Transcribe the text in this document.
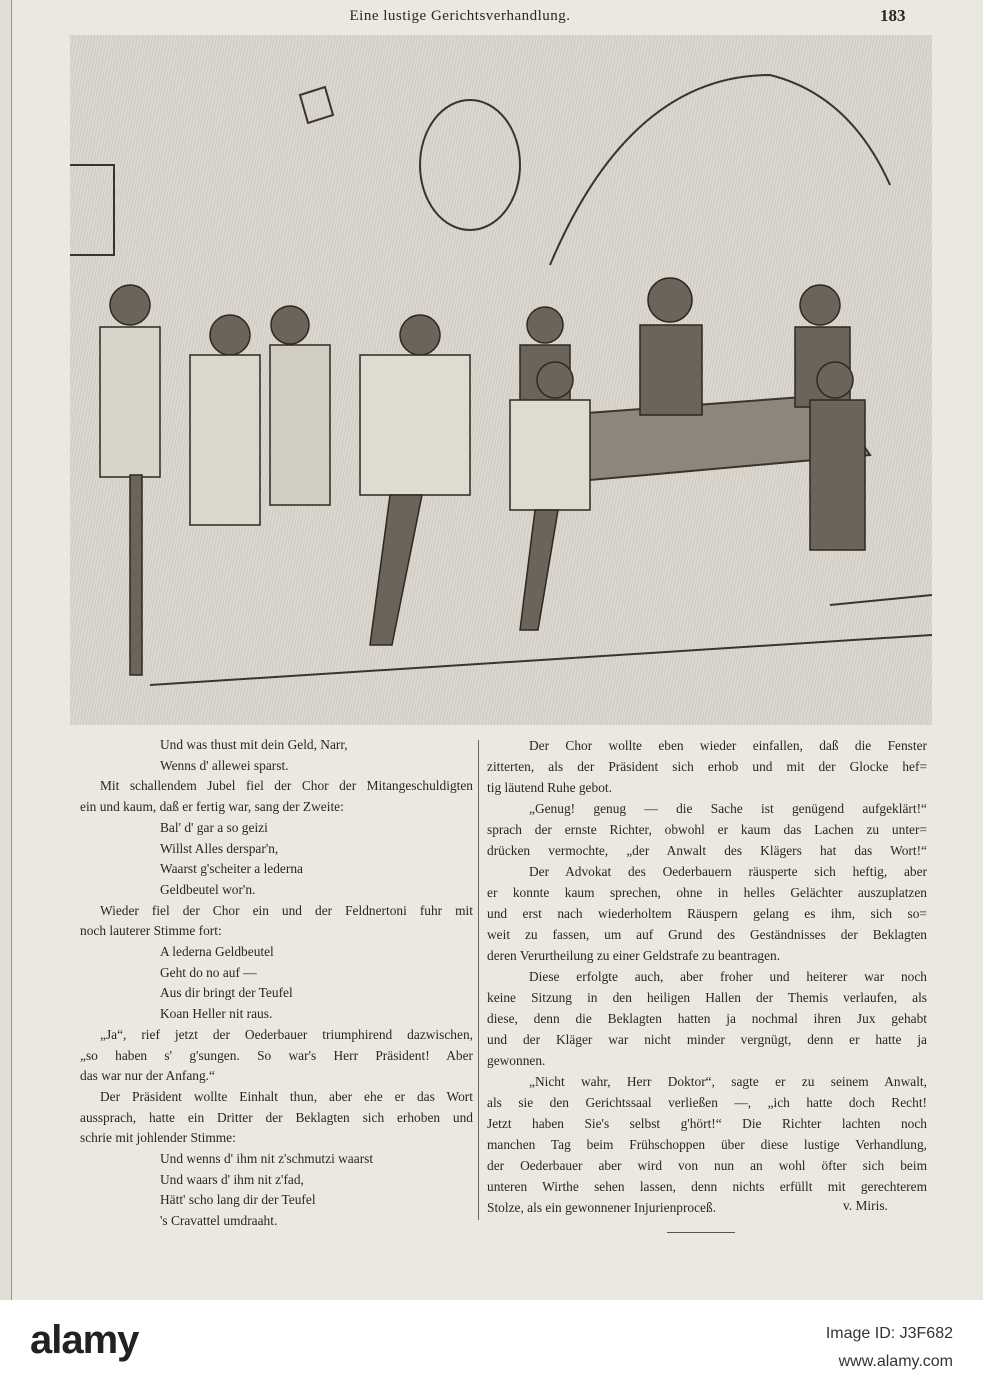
Eine lustige Gerichtsverhandlung.	183
Und was thust mit dein Geld, Narr,
Wenns d' allewei sparst.
Mit schallendem Jubel fiel der Chor der Mitangeschuldigten
ein und kaum, daß er fertig war, sang der Zweite:
Bal' d' gar a so geizi
Willst Alles derspar'n,
Waarst g'scheiter a lederna
Geldbeutel wor'n.
Wieder fiel der Chor ein und der Feldnertoni fuhr mit
noch lauterer Stimme fort:
A lederna Geldbeutel
Geht do no auf —
Aus dir bringt der Teufel
Koan Heller nit raus.
„Ja“, rief jetzt der Oederbauer triumphirend dazwischen,
„so haben s' g'sungen. So war's Herr Präsident! Aber
das war nur der Anfang.“
Der Präsident wollte Einhalt thun, aber ehe er das Wort
aussprach, hatte ein Dritter der Beklagten sich erhoben und
schrie mit johlender Stimme:
Und wenns d' ihm nit z'schmutzi waarst
Und waars d' ihm nit z'fad,
Hätt' scho lang dir der Teufel
's Cravattel umdraaht.
Der Chor wollte eben wieder einfallen, daß die Fenster
zitterten, als der Präsident sich erhob und mit der Glocke hef=
tig läutend Ruhe gebot.
„Genug! genug — die Sache ist genügend aufgeklärt!“
sprach der ernste Richter, obwohl er kaum das Lachen zu unter=
drücken vermochte, „der Anwalt des Klägers hat das Wort!“
Der Advokat des Oederbauern räusperte sich heftig, aber
er konnte kaum sprechen, ohne in helles Gelächter auszuplatzen
und erst nach wiederholtem Räuspern gelang es ihm, sich so=
weit zu fassen, um auf Grund des Geständnisses der Beklagten
deren Verurtheilung zu einer Geldstrafe zu beantragen.
Diese erfolgte auch, aber froher und heiterer war noch
keine Sitzung in den heiligen Hallen der Themis verlaufen, als
diese, denn die Beklagten hatten ja nochmal ihren Jux gehabt
und der Kläger war nicht minder vergnügt, denn er hatte ja
gewonnen.
„Nicht wahr, Herr Doktor“, sagte er zu seinem Anwalt,
als sie den Gerichtssaal verließen —, „ich hatte doch Recht!
Jetzt haben Sie's selbst g'hört!“ Die Richter lachten noch
manchen Tag beim Frühschoppen über diese lustige Verhandlung,
der Oederbauer aber wird von nun an wohl öfter sich beim
unteren Wirthe sehen lassen, denn nichts erfüllt mit gerechterem
Stolze, als ein gewonnener Injurienproceß.	v. Miris.
alamy	Image ID: J3F682
www.alamy.com
